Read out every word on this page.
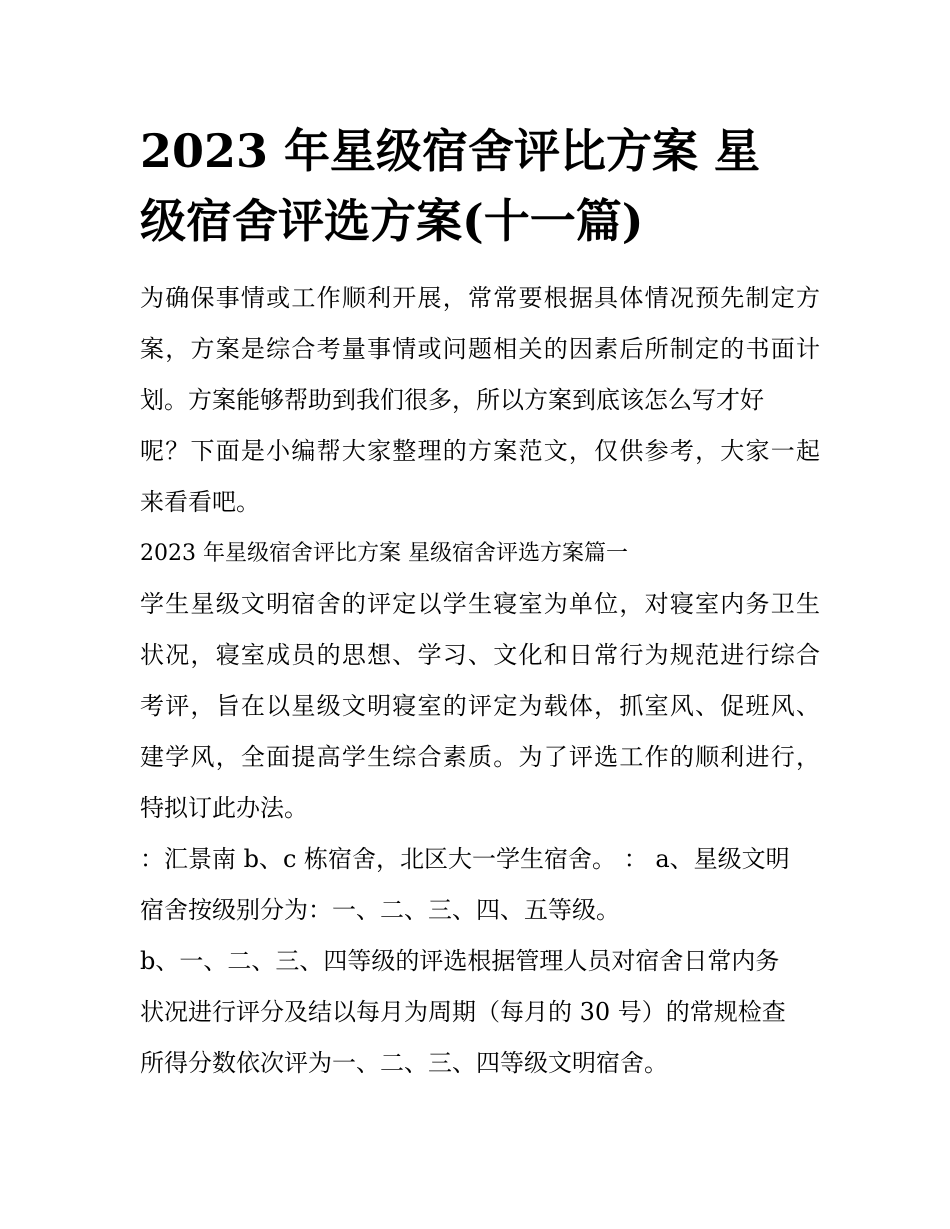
2023 年星级宿舍评比方案 星
级宿舍评选方案(十一篇)
为确保事情或工作顺利开展，常常要根据具体情况预先制定方
案，方案是综合考量事情或问题相关的因素后所制定的书面计
划。方案能够帮助到我们很多，所以方案到底该怎么写才好
呢？下面是小编帮大家整理的方案范文，仅供参考，大家一起
来看看吧。
2023 年星级宿舍评比方案 星级宿舍评选方案篇一
学生星级文明宿舍的评定以学生寝室为单位，对寝室内务卫生
状况，寝室成员的思想、学习、文化和日常行为规范进行综合
考评，旨在以星级文明寝室的评定为载体，抓室风、促班风、
建学风，全面提高学生综合素质。为了评选工作的顺利进行，
特拟订此办法。
：汇景南 b、c 栋宿舍，北区大一学生宿舍。 ： a、星级文明
宿舍按级别分为：一、二、三、四、五等级。
b、一、二、三、四等级的评选根据管理人员对宿舍日常内务
状况进行评分及结以每月为周期（每月的 30 号）的常规检查
所得分数依次评为一、二、三、四等级文明宿舍。
